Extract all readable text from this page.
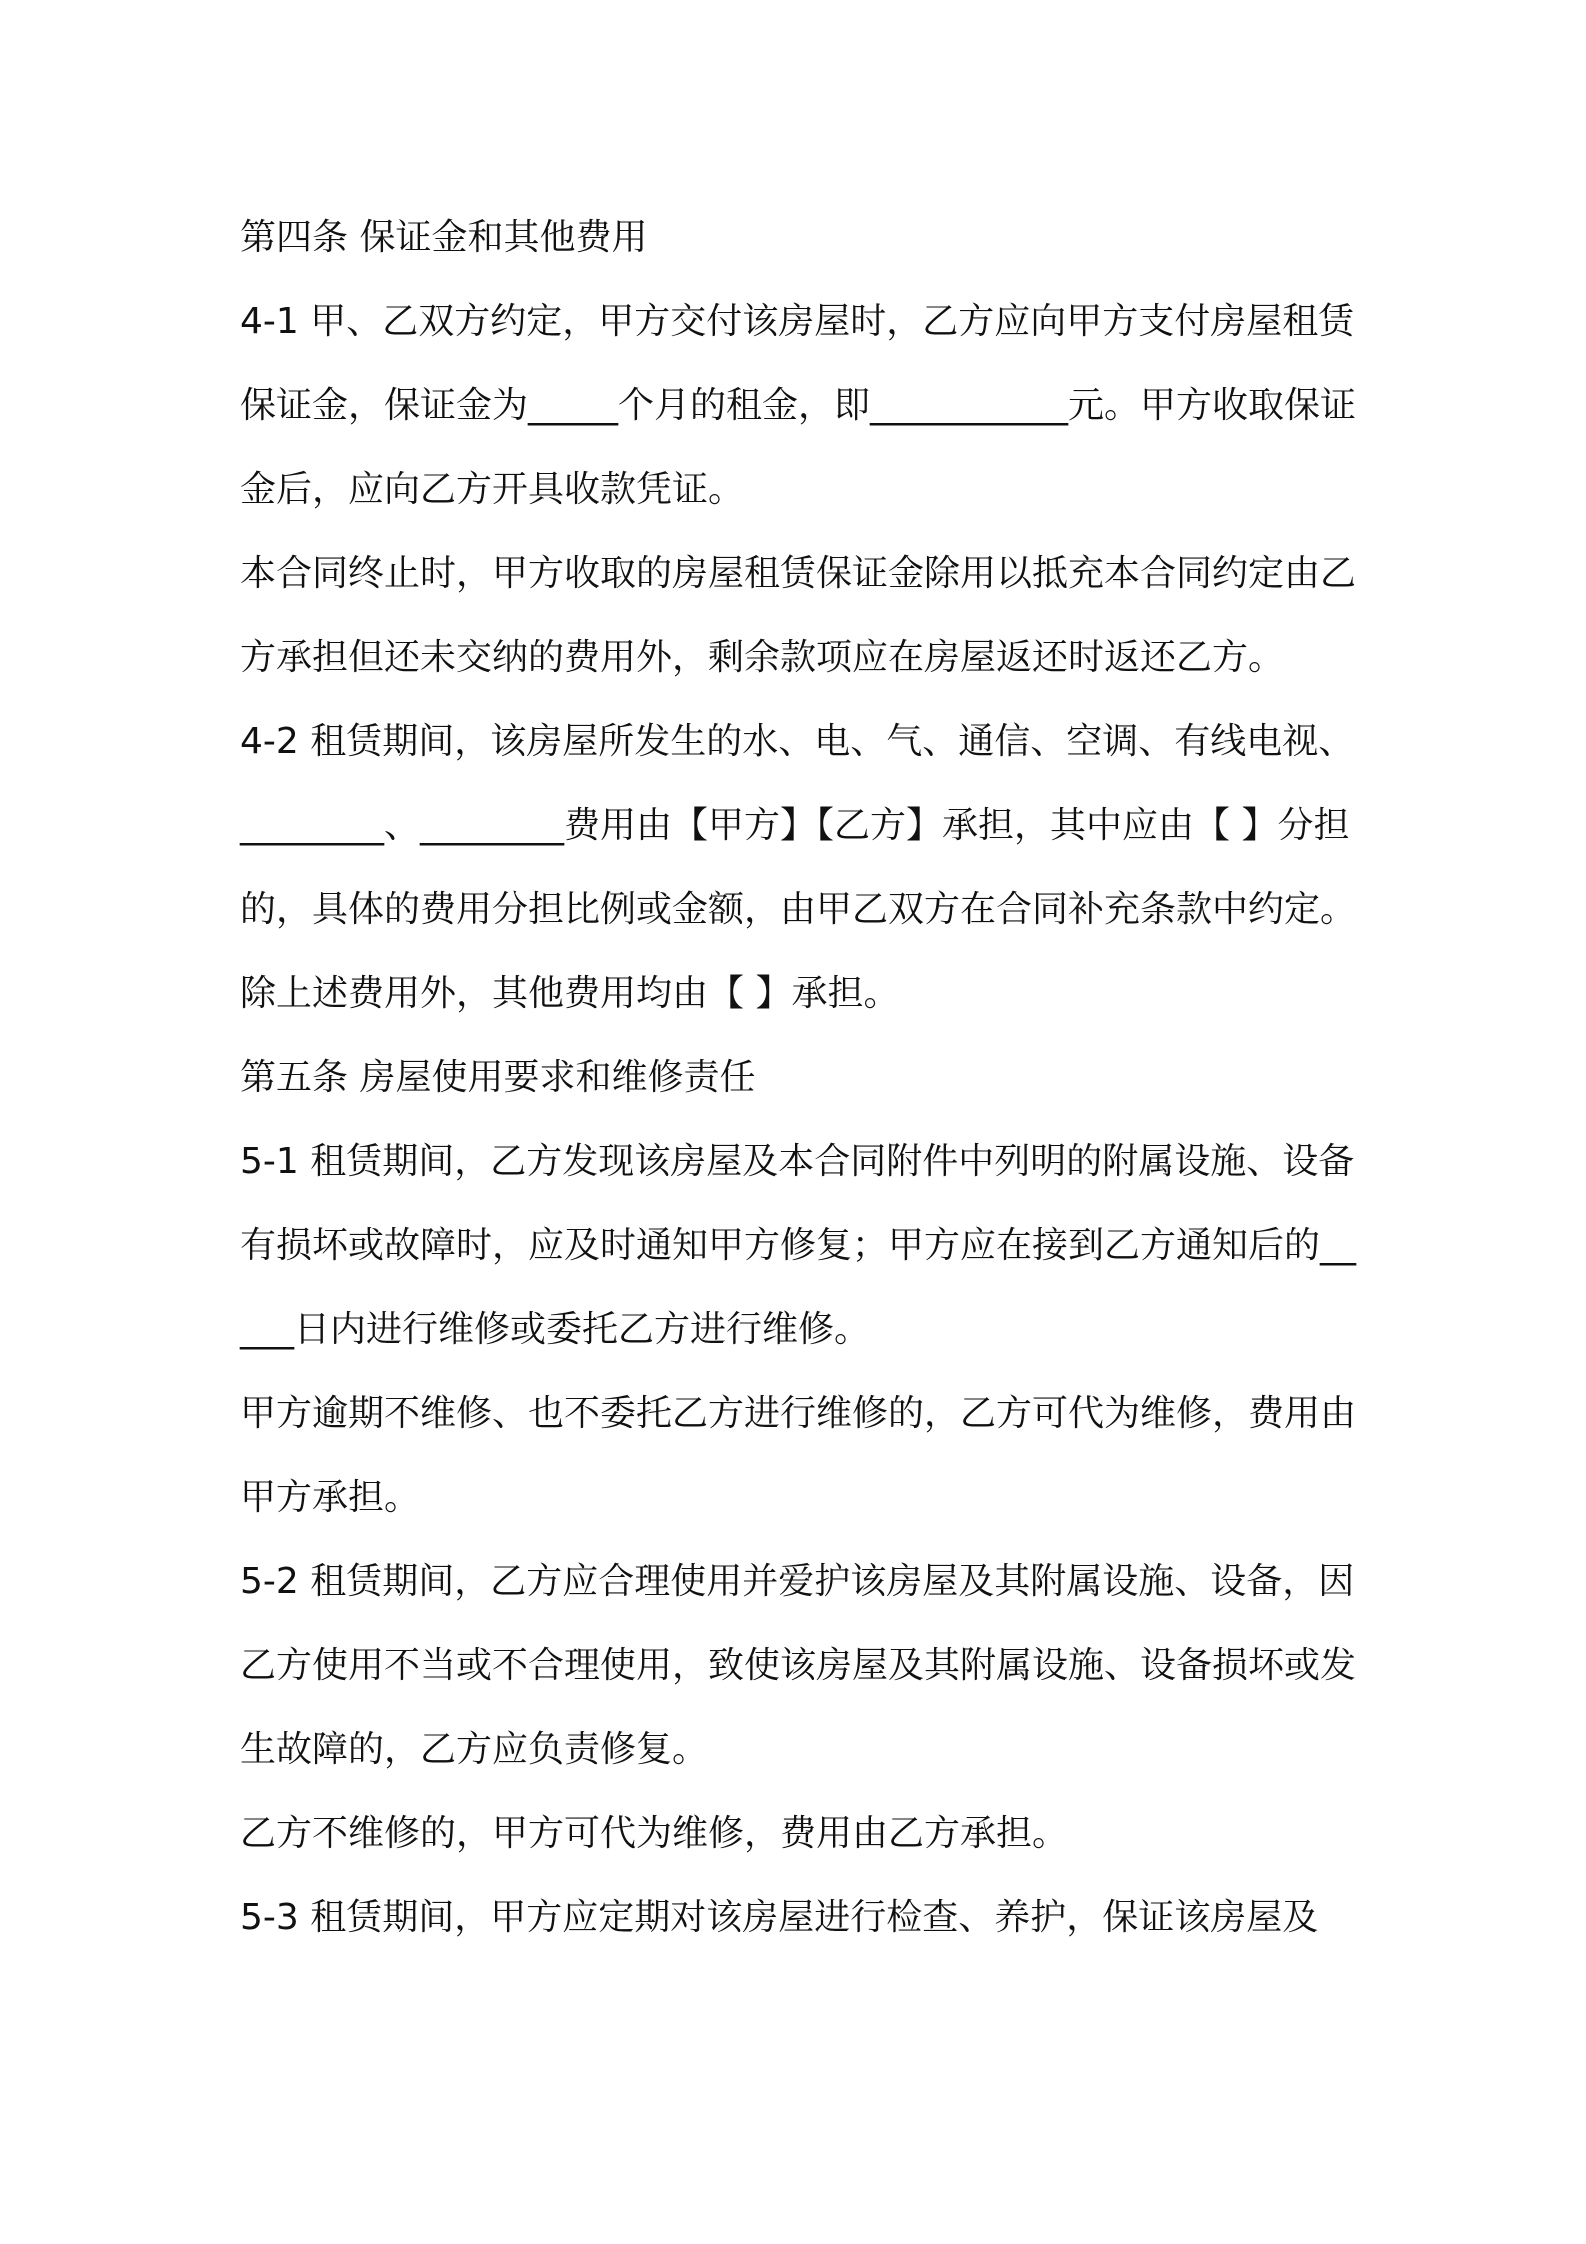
第四条 保证金和其他费用

4-1 甲、乙双方约定，甲方交付该房屋时，乙方应向甲方支付房屋租赁保证金，保证金为_____个月的租金，即___________元。甲方收取保证金后，应向乙方开具收款凭证。

本合同终止时，甲方收取的房屋租赁保证金除用以抵充本合同约定由乙方承担但还未交纳的费用外，剩余款项应在房屋返还时返还乙方。

4-2 租赁期间，该房屋所发生的水、电、气、通信、空调、有线电视、________、________费用由【甲方】【乙方】承担，其中应由【 】分担的，具体的费用分担比例或金额，由甲乙双方在合同补充条款中约定。

除上述费用外，其他费用均由【 】承担。

第五条 房屋使用要求和维修责任

5-1 租赁期间，乙方发现该房屋及本合同附件中列明的附属设施、设备有损坏或故障时，应及时通知甲方修复；甲方应在接到乙方通知后的_____日内进行维修或委托乙方进行维修。

甲方逾期不维修、也不委托乙方进行维修的，乙方可代为维修，费用由甲方承担。

5-2 租赁期间，乙方应合理使用并爱护该房屋及其附属设施、设备，因乙方使用不当或不合理使用，致使该房屋及其附属设施、设备损坏或发生故障的，乙方应负责修复。

乙方不维修的，甲方可代为维修，费用由乙方承担。

5-3 租赁期间，甲方应定期对该房屋进行检查、养护，保证该房屋及
